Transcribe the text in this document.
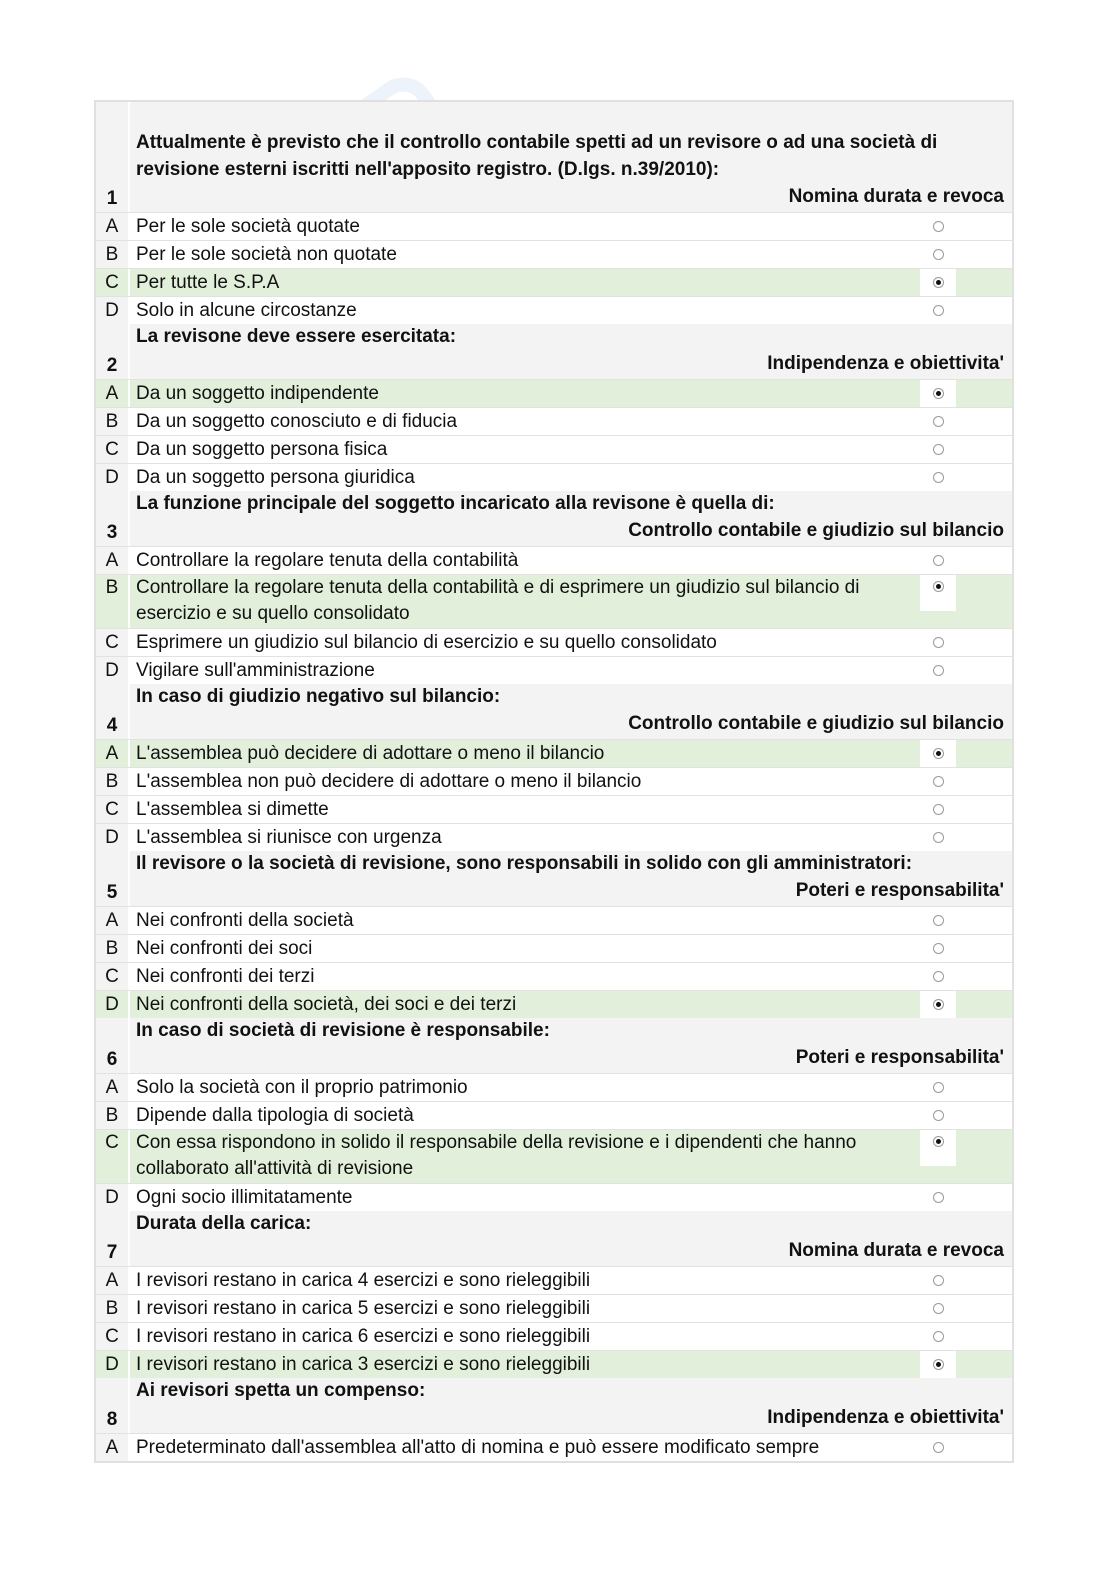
1
Attualmente è previsto che il controllo contabile spetti ad un revisore o ad una società di revisione esterni iscritti nell'apposito registro. (D.lgs. n.39/2010):
Nomina durata e revoca
A Per le sole società quotate
B Per le sole società non quotate
C Per tutte le S.P.A
D Solo in alcune circostanze
2
La revisone deve essere esercitata:
Indipendenza e obiettivita'
A Da un soggetto indipendente
B Da un soggetto conosciuto e di fiducia
C Da un soggetto persona fisica
D Da un soggetto persona giuridica
3
La funzione principale del soggetto incaricato alla revisone è quella di:
Controllo contabile e giudizio sul bilancio
A Controllare la regolare tenuta della contabilità
B Controllare la regolare tenuta della contabilità e di esprimere un giudizio sul bilancio di esercizio e su quello consolidato
C Esprimere un giudizio sul bilancio di esercizio e su quello consolidato
D Vigilare sull'amministrazione
4
In caso di giudizio negativo sul bilancio:
Controllo contabile e giudizio sul bilancio
A L'assemblea può decidere di adottare o meno il bilancio
B L'assemblea non può decidere di adottare o meno il bilancio
C L'assemblea si dimette
D L'assemblea si riunisce con urgenza
5
Il revisore o la società di revisione, sono responsabili in solido con gli amministratori:
Poteri e responsabilita'
A Nei confronti della società
B Nei confronti dei soci
C Nei confronti dei terzi
D Nei confronti della società, dei soci e dei terzi
6
In caso di società di revisione è responsabile:
Poteri e responsabilita'
A Solo la società con il proprio patrimonio
B Dipende dalla tipologia di società
C Con essa rispondono in solido il responsabile della revisione e i dipendenti che hanno collaborato all'attività di revisione
D Ogni socio illimitatamente
7
Durata della carica:
Nomina durata e revoca
A I revisori restano in carica 4 esercizi e sono rieleggibili
B I revisori restano in carica 5 esercizi e sono rieleggibili
C I revisori restano in carica 6 esercizi e sono rieleggibili
D I revisori restano in carica 3 esercizi e sono rieleggibili
8
Ai revisori spetta un compenso:
Indipendenza e obiettivita'
A Predeterminato dall'assemblea all'atto di nomina e può essere modificato sempre
